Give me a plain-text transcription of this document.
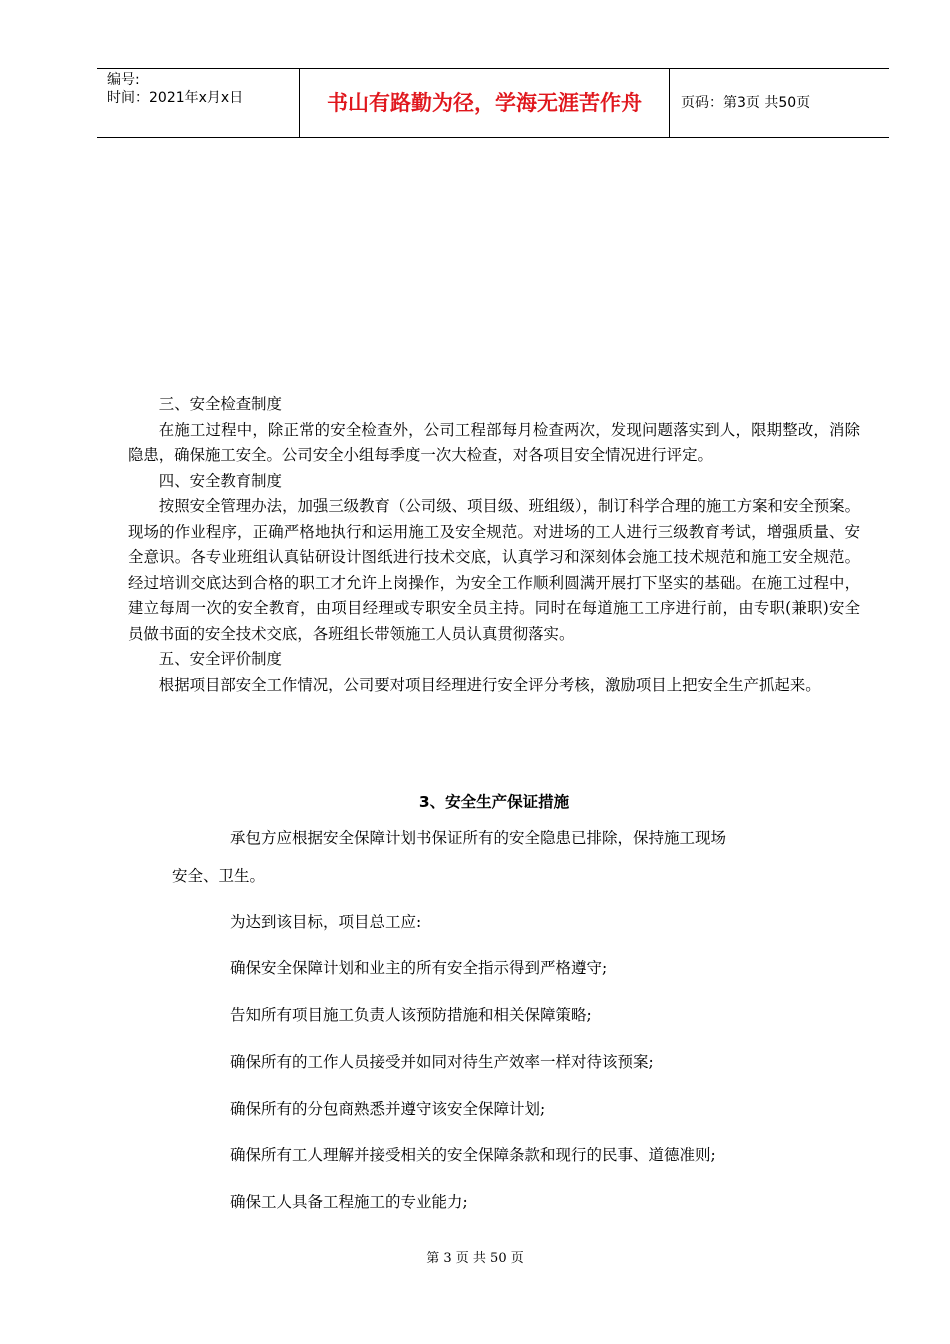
编号:
时间：2021年x月x日	书山有路勤为径，学海无涯苦作舟	页码：第3页 共50页

三、安全检查制度

在施工过程中，除正常的安全检查外，公司工程部每月检查两次，发现问题落实到人，限期整改，消除隐患，确保施工安全。公司安全小组每季度一次大检查，对各项目安全情况进行评定。

四、安全教育制度

按照安全管理办法，加强三级教育（公司级、项目级、班组级），制订科学合理的施工方案和安全预案。现场的作业程序，正确严格地执行和运用施工及安全规范。对进场的工人进行三级教育考试，增强质量、安全意识。各专业班组认真钻研设计图纸进行技术交底，认真学习和深刻体会施工技术规范和施工安全规范。经过培训交底达到合格的职工才允许上岗操作，为安全工作顺利圆满开展打下坚实的基础。在施工过程中，建立每周一次的安全教育，由项目经理或专职安全员主持。同时在每道施工工序进行前，由专职(兼职)安全员做书面的安全技术交底，各班组长带领施工人员认真贯彻落实。

五、安全评价制度

根据项目部安全工作情况，公司要对项目经理进行安全评分考核，激励项目上把安全生产抓起来。

3、安全生产保证措施
承包方应根据安全保障计划书保证所有的安全隐患已排除，保持施工现场
安全、卫生。
为达到该目标，项目总工应:
确保安全保障计划和业主的所有安全指示得到严格遵守;
告知所有项目施工负责人该预防措施和相关保障策略;
确保所有的工作人员接受并如同对待生产效率一样对待该预案;
确保所有的分包商熟悉并遵守该安全保障计划;
确保所有工人理解并接受相关的安全保障条款和现行的民事、道德准则;
确保工人具备工程施工的专业能力;
第 3 页 共 50 页
